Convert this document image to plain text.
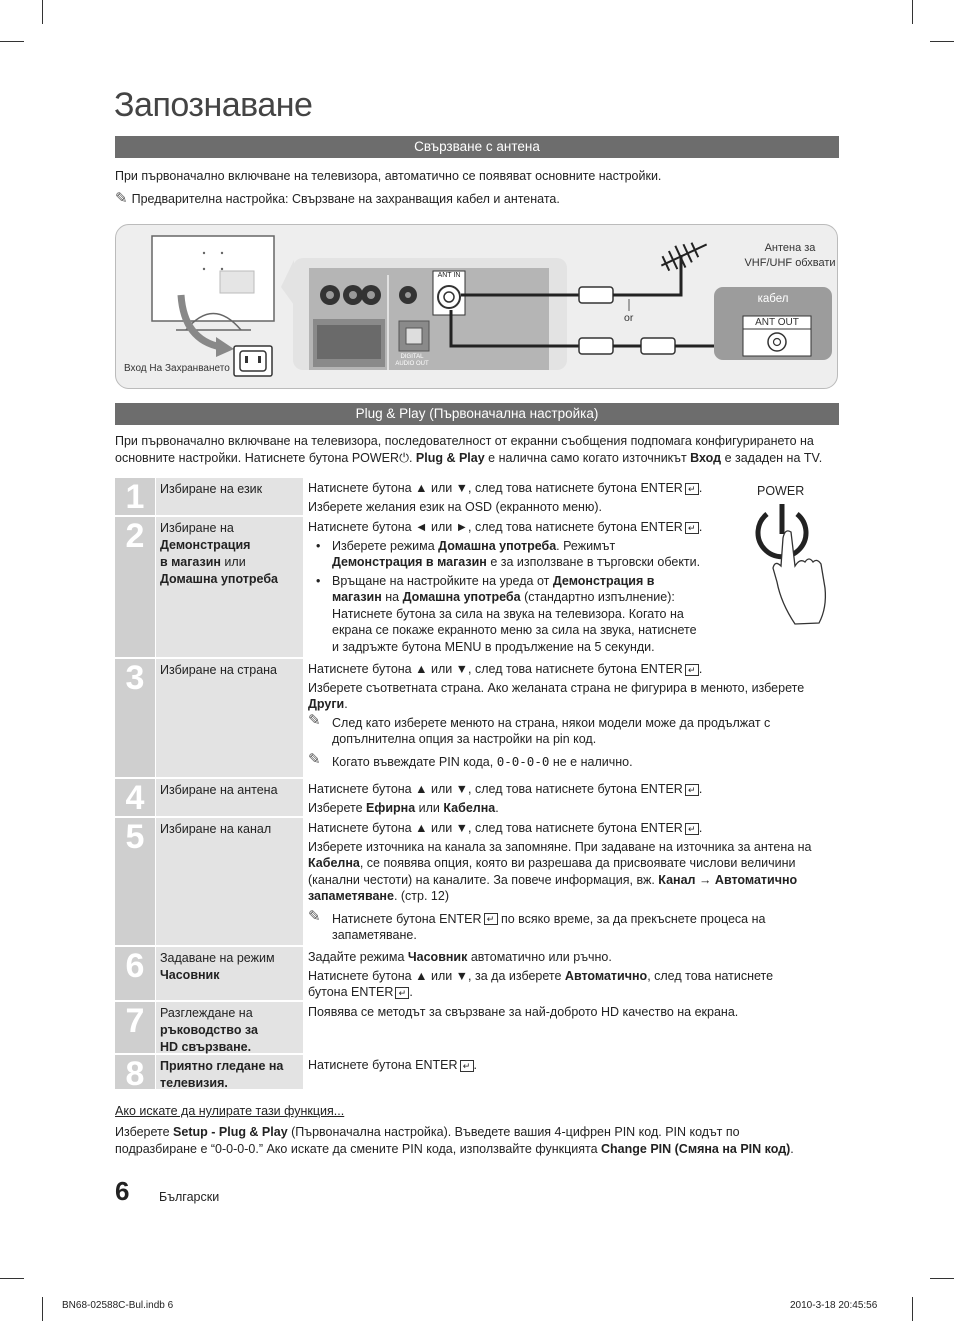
Запознаване
Свързване с антена
При първоначално включване на телевизора, автоматично се появяват основните настройки.
✎ Предварителна настройка: Свързване на захранващия кабел и антената.
Антена за
VHF/UHF обхвати
кабел
ANT OUT
ANT IN
or
Вход На Захранването
DIGITAL
AUDIO OUT
Plug & Play (Първоначална настройка)
При първоначално включване на телевизора, последователност от екранни съобщения подпомага конфигурирането на основните настройки. Натиснете бутона POWER⏻. Plug & Play е налична само когато източникът Вход е зададен на TV.
POWER
1	Избиране на език	Натиснете бутона ▲ или ▼, след това натиснете бутона ENTER ↵ .

Изберете желания език на OSD (екранното меню).

2	Избиране на
Демонстрация
в магазин или
Домашна употреба

Натиснете бутона ◄ или ►, след това натиснете бутона ENTER ↵ .

• Изберете режима Домашна употреба. Режимът
Демонстрация в магазин е за използване в търговски обекти.

• Връщане на настройките на уреда от Демонстрация в
магазин на Домашна употреба (стандартно изпълнение):
Натиснете бутона за сила на звука на телевизора. Когато на
екрана се покаже екранното меню за сила на звука, натиснете
и задръжте бутона MENU в продължение на 5 секунди.

3	Избиране на страна	Натиснете бутона ▲ или ▼, след това натиснете бутона ENTER ↵ .

Изберете съответната страна. Ако желаната страна не фигурира в менюто, изберете
Други.

✎ След като изберете менюто на страна, някои модели може да продължат с
допълнителна опция за настройки на pin код.

✎ Когато въвеждате PIN кода, 0-0-0-0 не е налично.

4	Избиране на антена	Натиснете бутона ▲ или ▼, след това натиснете бутона ENTER ↵ .

Изберете Ефирна или Кабелна.

5	Избиране на канал	Натиснете бутона ▲ или ▼, след това натиснете бутона ENTER ↵ .

Изберете източника на канала за запомняне. При задаване на източника за антена на
Кабелна, се появява опция, която ви разрешава да присвоявате числови величини
(канални честоти) на каналите. За повече информация, вж. Канал → Автоматично
запаметяване. (стр. 12)

✎ Натиснете бутона ENTER ↵ по всяко време, за да прекъснете процеса на
запаметяване.

6	Задаване на режим
Часовник

Задайте режима Часовник автоматично или ръчно.

Натиснете бутона ▲ или ▼, за да изберете Автоматично, след това натиснете
бутона ENTER ↵ .

7	Разглеждане на
ръководство за
HD свързване.

Появява се методът за свързване за най-доброто HD качество на екрана.

8	Приятно гледане на телевизия.

Натиснете бутона ENTER ↵ .

Ако искате да нулирате тази функция...
Изберете Setup - Plug & Play (Първоначална настройка). Въведете вашия 4-цифрен PIN код. PIN кодът по
подразбиране е “0-0-0-0.” Ако искате да смените PIN кода, използвайте функцията Change PIN (Смяна на PIN код).
6 Български
BN68-02588C-Bul.indb 6	2010-3-18 20:45:56
